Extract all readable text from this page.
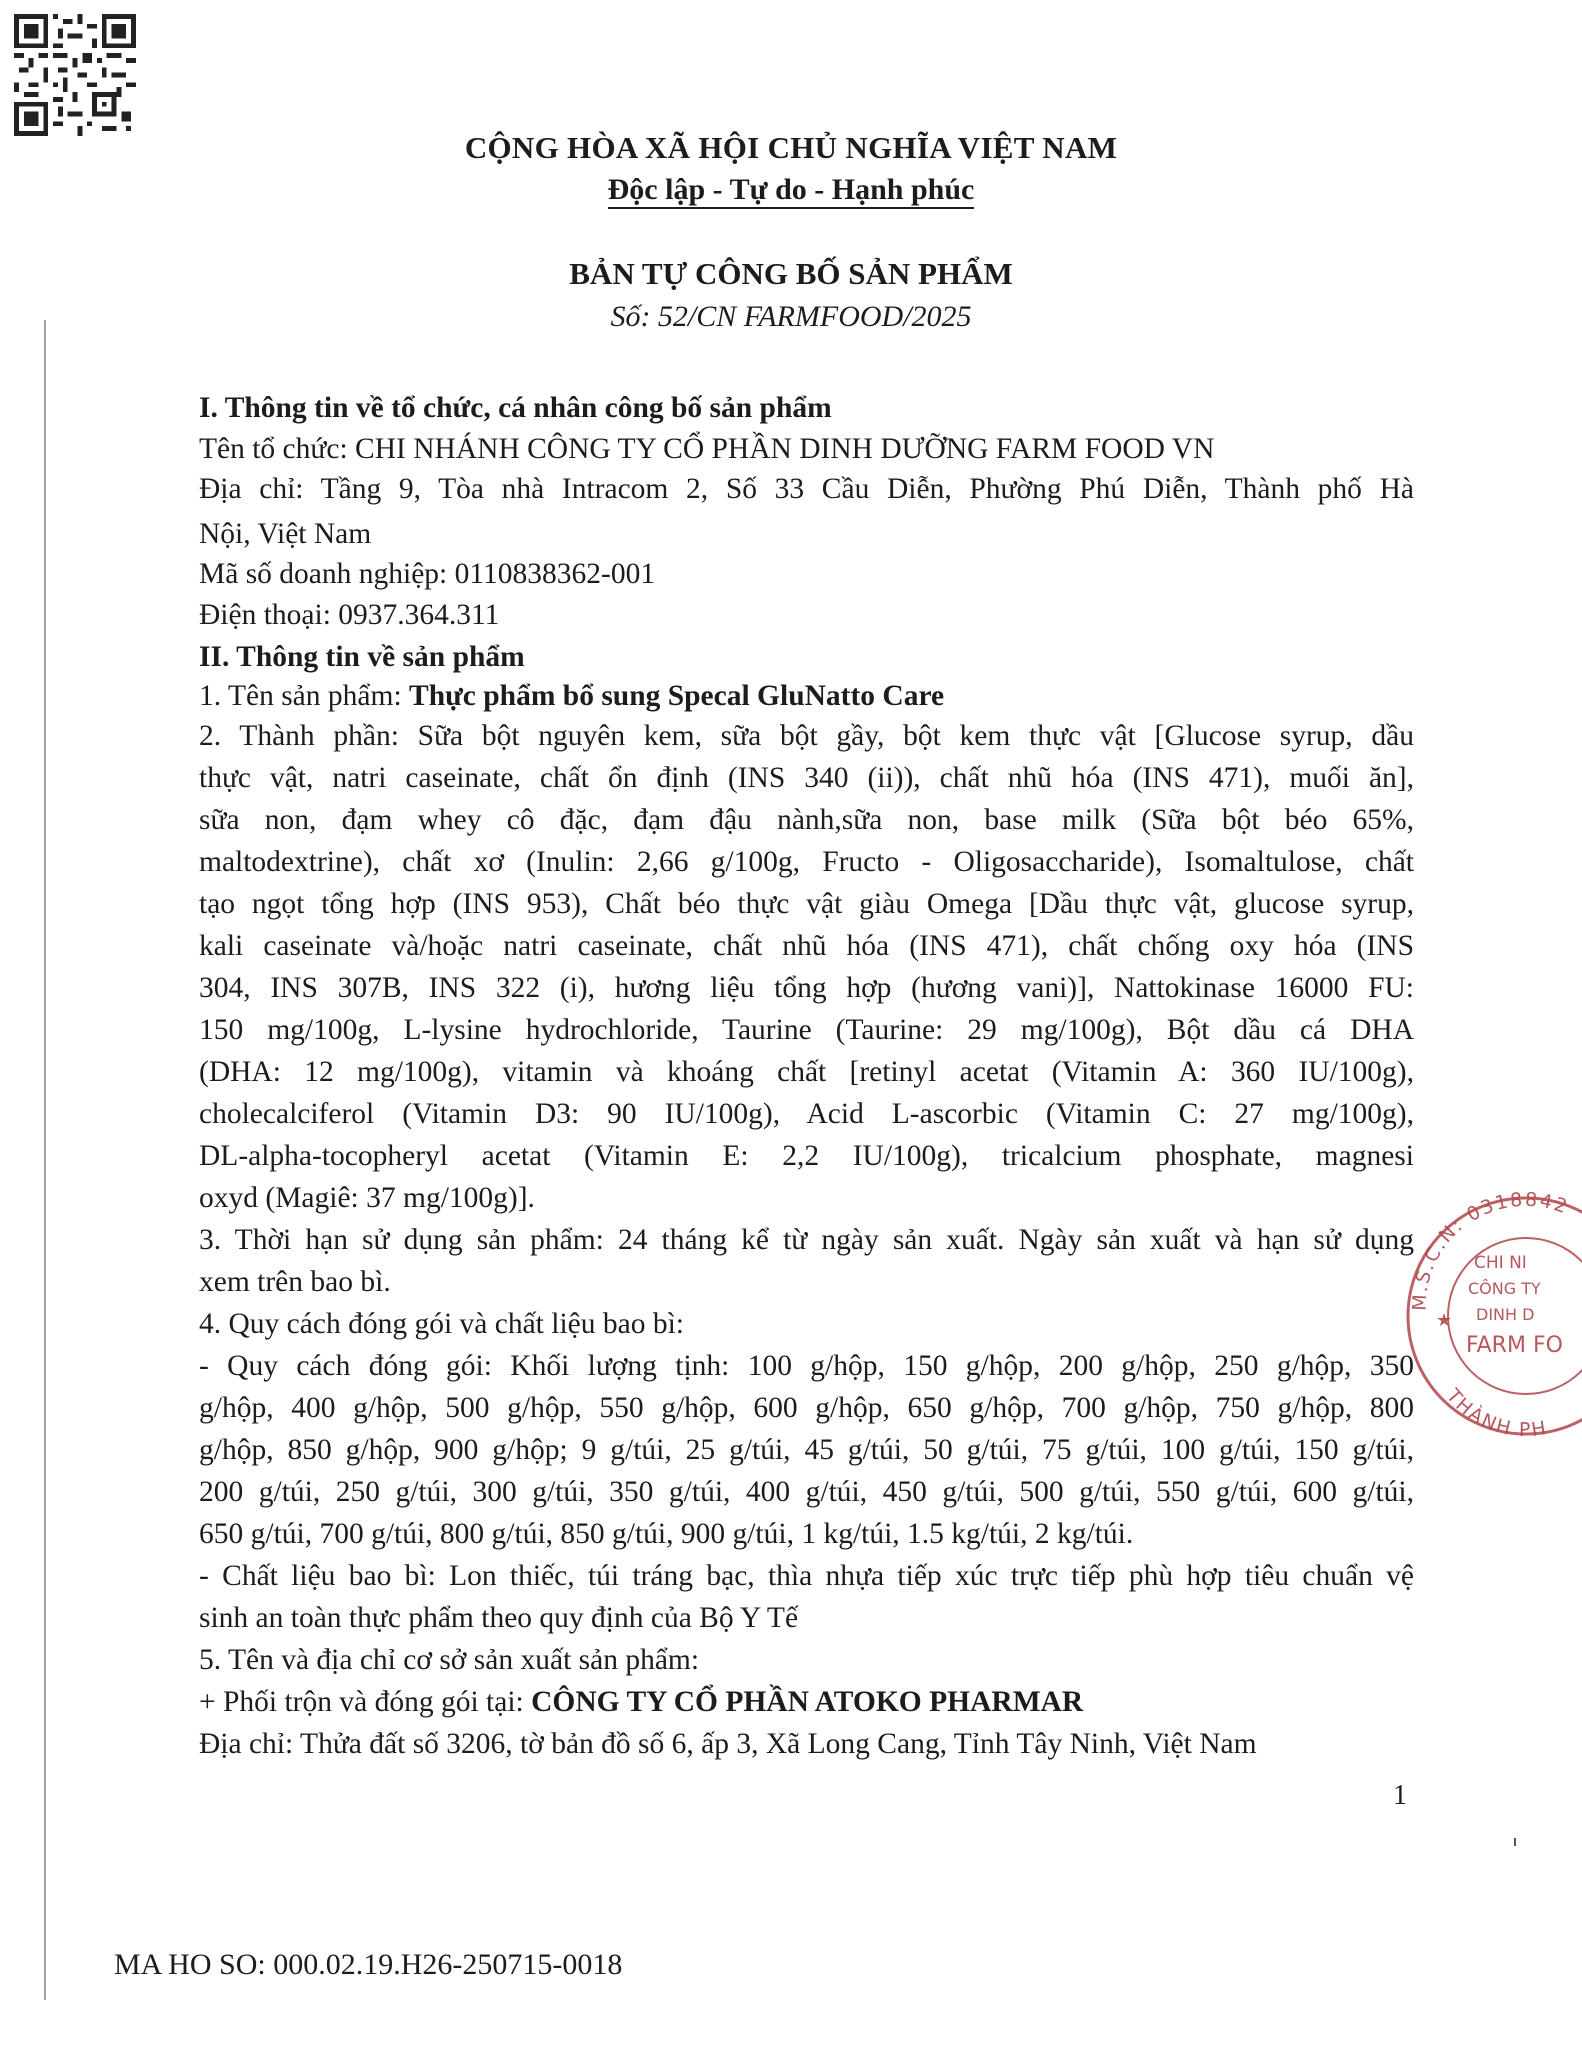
CỘNG HÒA XÃ HỘI CHỦ NGHĨA VIỆT NAM
Độc lập - Tự do - Hạnh phúc
BẢN TỰ CÔNG BỐ SẢN PHẨM
Số: 52/CN FARMFOOD/2025
I. Thông tin về tổ chức, cá nhân công bố sản phẩm
Tên tổ chức: CHI NHÁNH CÔNG TY CỔ PHẦN DINH DƯỠNG FARM FOOD VN
Địa chỉ: Tầng 9, Tòa nhà Intracom 2, Số 33 Cầu Diễn, Phường Phú Diễn, Thành phố Hà
Nội, Việt Nam
Mã số doanh nghiệp: 0110838362-001
Điện thoại: 0937.364.311
II. Thông tin về sản phẩm
1. Tên sản phẩm: Thực phẩm bổ sung Specal GluNatto Care
2. Thành phần: Sữa bột nguyên kem, sữa bột gầy, bột kem thực vật [Glucose syrup, dầu
thực vật, natri caseinate, chất ổn định (INS 340 (ii)), chất nhũ hóa (INS 471), muối ăn],
sữa non, đạm whey cô đặc, đạm đậu nành,sữa non, base milk (Sữa bột béo 65%,
maltodextrine), chất xơ (Inulin: 2,66 g/100g, Fructo - Oligosaccharide), Isomaltulose, chất
tạo ngọt tổng hợp (INS 953), Chất béo thực vật giàu Omega [Dầu thực vật, glucose syrup,
kali caseinate và/hoặc natri caseinate, chất nhũ hóa (INS 471), chất chống oxy hóa (INS
304, INS 307B, INS 322 (i), hương liệu tổng hợp (hương vani)], Nattokinase 16000 FU:
150 mg/100g, L-lysine hydrochloride, Taurine (Taurine: 29 mg/100g), Bột dầu cá DHA
(DHA: 12 mg/100g), vitamin và khoáng chất [retinyl acetat (Vitamin A: 360 IU/100g),
cholecalciferol (Vitamin D3: 90 IU/100g), Acid L-ascorbic (Vitamin C: 27 mg/100g),
DL-alpha-tocopheryl acetat (Vitamin E: 2,2 IU/100g), tricalcium phosphate, magnesi
oxyd (Magiê: 37 mg/100g)].
3. Thời hạn sử dụng sản phẩm: 24 tháng kể từ ngày sản xuất. Ngày sản xuất và hạn sử dụng
xem trên bao bì.
4. Quy cách đóng gói và chất liệu bao bì:
- Quy cách đóng gói: Khối lượng tịnh: 100 g/hộp, 150 g/hộp, 200 g/hộp, 250 g/hộp, 350
g/hộp, 400 g/hộp, 500 g/hộp, 550 g/hộp, 600 g/hộp, 650 g/hộp, 700 g/hộp, 750 g/hộp, 800
g/hộp, 850 g/hộp, 900 g/hộp; 9 g/túi, 25 g/túi, 45 g/túi, 50 g/túi, 75 g/túi, 100 g/túi, 150 g/túi,
200 g/túi, 250 g/túi, 300 g/túi, 350 g/túi, 400 g/túi, 450 g/túi, 500 g/túi, 550 g/túi, 600 g/túi,
650 g/túi, 700 g/túi, 800 g/túi, 850 g/túi, 900 g/túi, 1 kg/túi, 1.5 kg/túi, 2 kg/túi.
- Chất liệu bao bì: Lon thiếc, túi tráng bạc, thìa nhựa tiếp xúc trực tiếp phù hợp tiêu chuẩn vệ
sinh an toàn thực phẩm theo quy định của Bộ Y Tế
5. Tên và địa chỉ cơ sở sản xuất sản phẩm:
+ Phối trộn và đóng gói tại: CÔNG TY CỔ PHẦN ATOKO PHARMAR
Địa chỉ: Thửa đất số 3206, tờ bản đồ số 6, ấp 3, Xã Long Cang, Tỉnh Tây Ninh, Việt Nam
M.S.C.N: 0318842
THÀNH PH
CHI NI
CÔNG TY
DINH D
FARM FO
★
1
MA HO SO: 000.02.19.H26-250715-0018
